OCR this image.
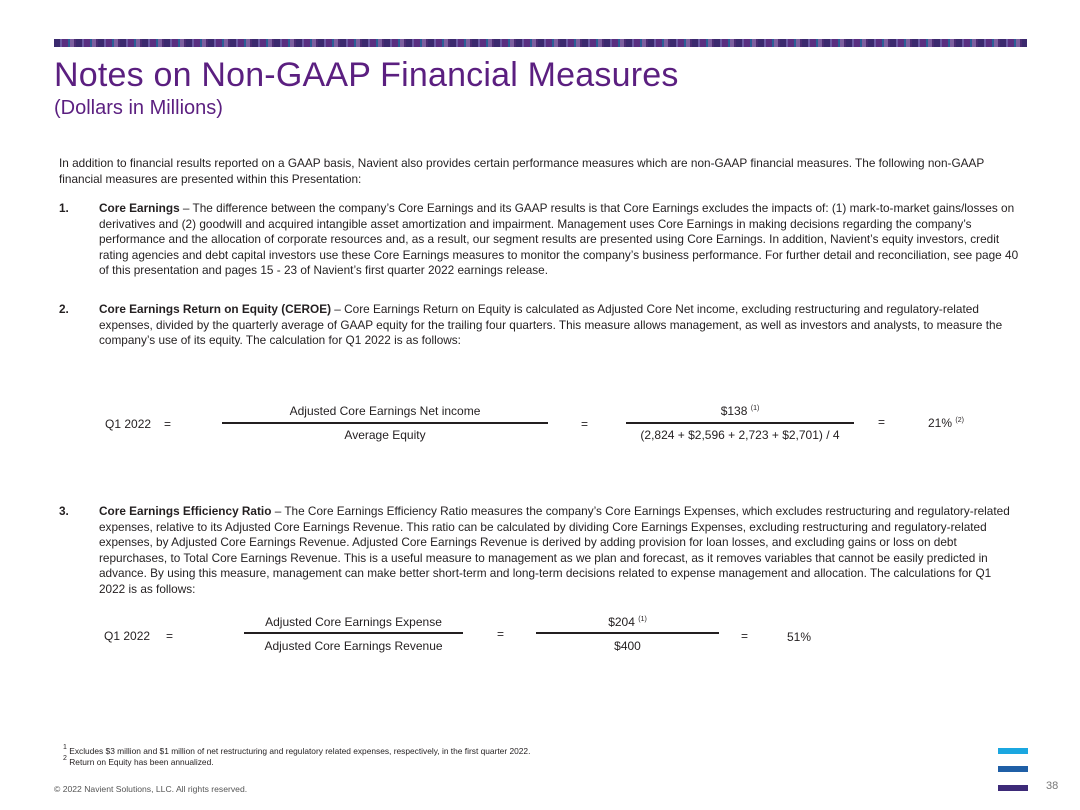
Notes on Non-GAAP Financial Measures
(Dollars in Millions)
In addition to financial results reported on a GAAP basis, Navient also provides certain performance measures which are non-GAAP financial measures. The following non-GAAP financial measures are presented within this Presentation:
1.	Core Earnings – The difference between the company’s Core Earnings and its GAAP results is that Core Earnings excludes the impacts of: (1) mark-to-market gains/losses on derivatives and (2) goodwill and acquired intangible asset amortization and impairment. Management uses Core Earnings in making decisions regarding the company’s performance and the allocation of corporate resources and, as a result, our segment results are presented using Core Earnings. In addition, Navient’s equity investors, credit rating agencies and debt capital investors use these Core Earnings measures to monitor the company’s business performance. For further detail and reconciliation, see page 40 of this presentation and pages 15 - 23 of Navient’s first quarter 2022 earnings release.
2.	Core Earnings Return on Equity (CEROE) – Core Earnings Return on Equity is calculated as Adjusted Core Net income, excluding restructuring and regulatory-related expenses, divided by the quarterly average of GAAP equity for the trailing four quarters. This measure allows management, as well as investors and analysts, to measure the company’s use of its equity. The calculation for Q1 2022 is as follows:
Q1 2022 =
Adjusted Core Earnings Net income
Average Equity
=
$138 $^{(1)}$
(2,824 + $2,596 + 2,723 + $2,701) / 4
=	21% $^{(2)}$
3.	Core Earnings Efficiency Ratio – The Core Earnings Efficiency Ratio measures the company’s Core Earnings Expenses, which excludes restructuring and regulatory-related expenses, relative to its Adjusted Core Earnings Revenue. This ratio can be calculated by dividing Core Earnings Expenses, excluding restructuring and regulatory-related expenses, by Adjusted Core Earnings Revenue. Adjusted Core Earnings Revenue is derived by adding provision for loan losses, and excluding gains or loss on debt repurchases, to Total Core Earnings Revenue. This is a useful measure to management as we plan and forecast, as it removes variables that cannot be easily predicted in advance. By using this measure, management can make better short-term and long-term decisions related to expense management and allocation. The calculations for Q1 2022 is as follows:
Q1 2022 =
Adjusted Core Earnings Expense
Adjusted Core Earnings Revenue
=
$204 $^{(1)}$
$400
=	51%
$^1$ Excludes $3 million and $1 million of net restructuring and regulatory related expenses, respectively, in the first quarter 2022.
$^2$ Return on Equity has been annualized.
© 2022 Navient Solutions, LLC. All rights reserved.	38
